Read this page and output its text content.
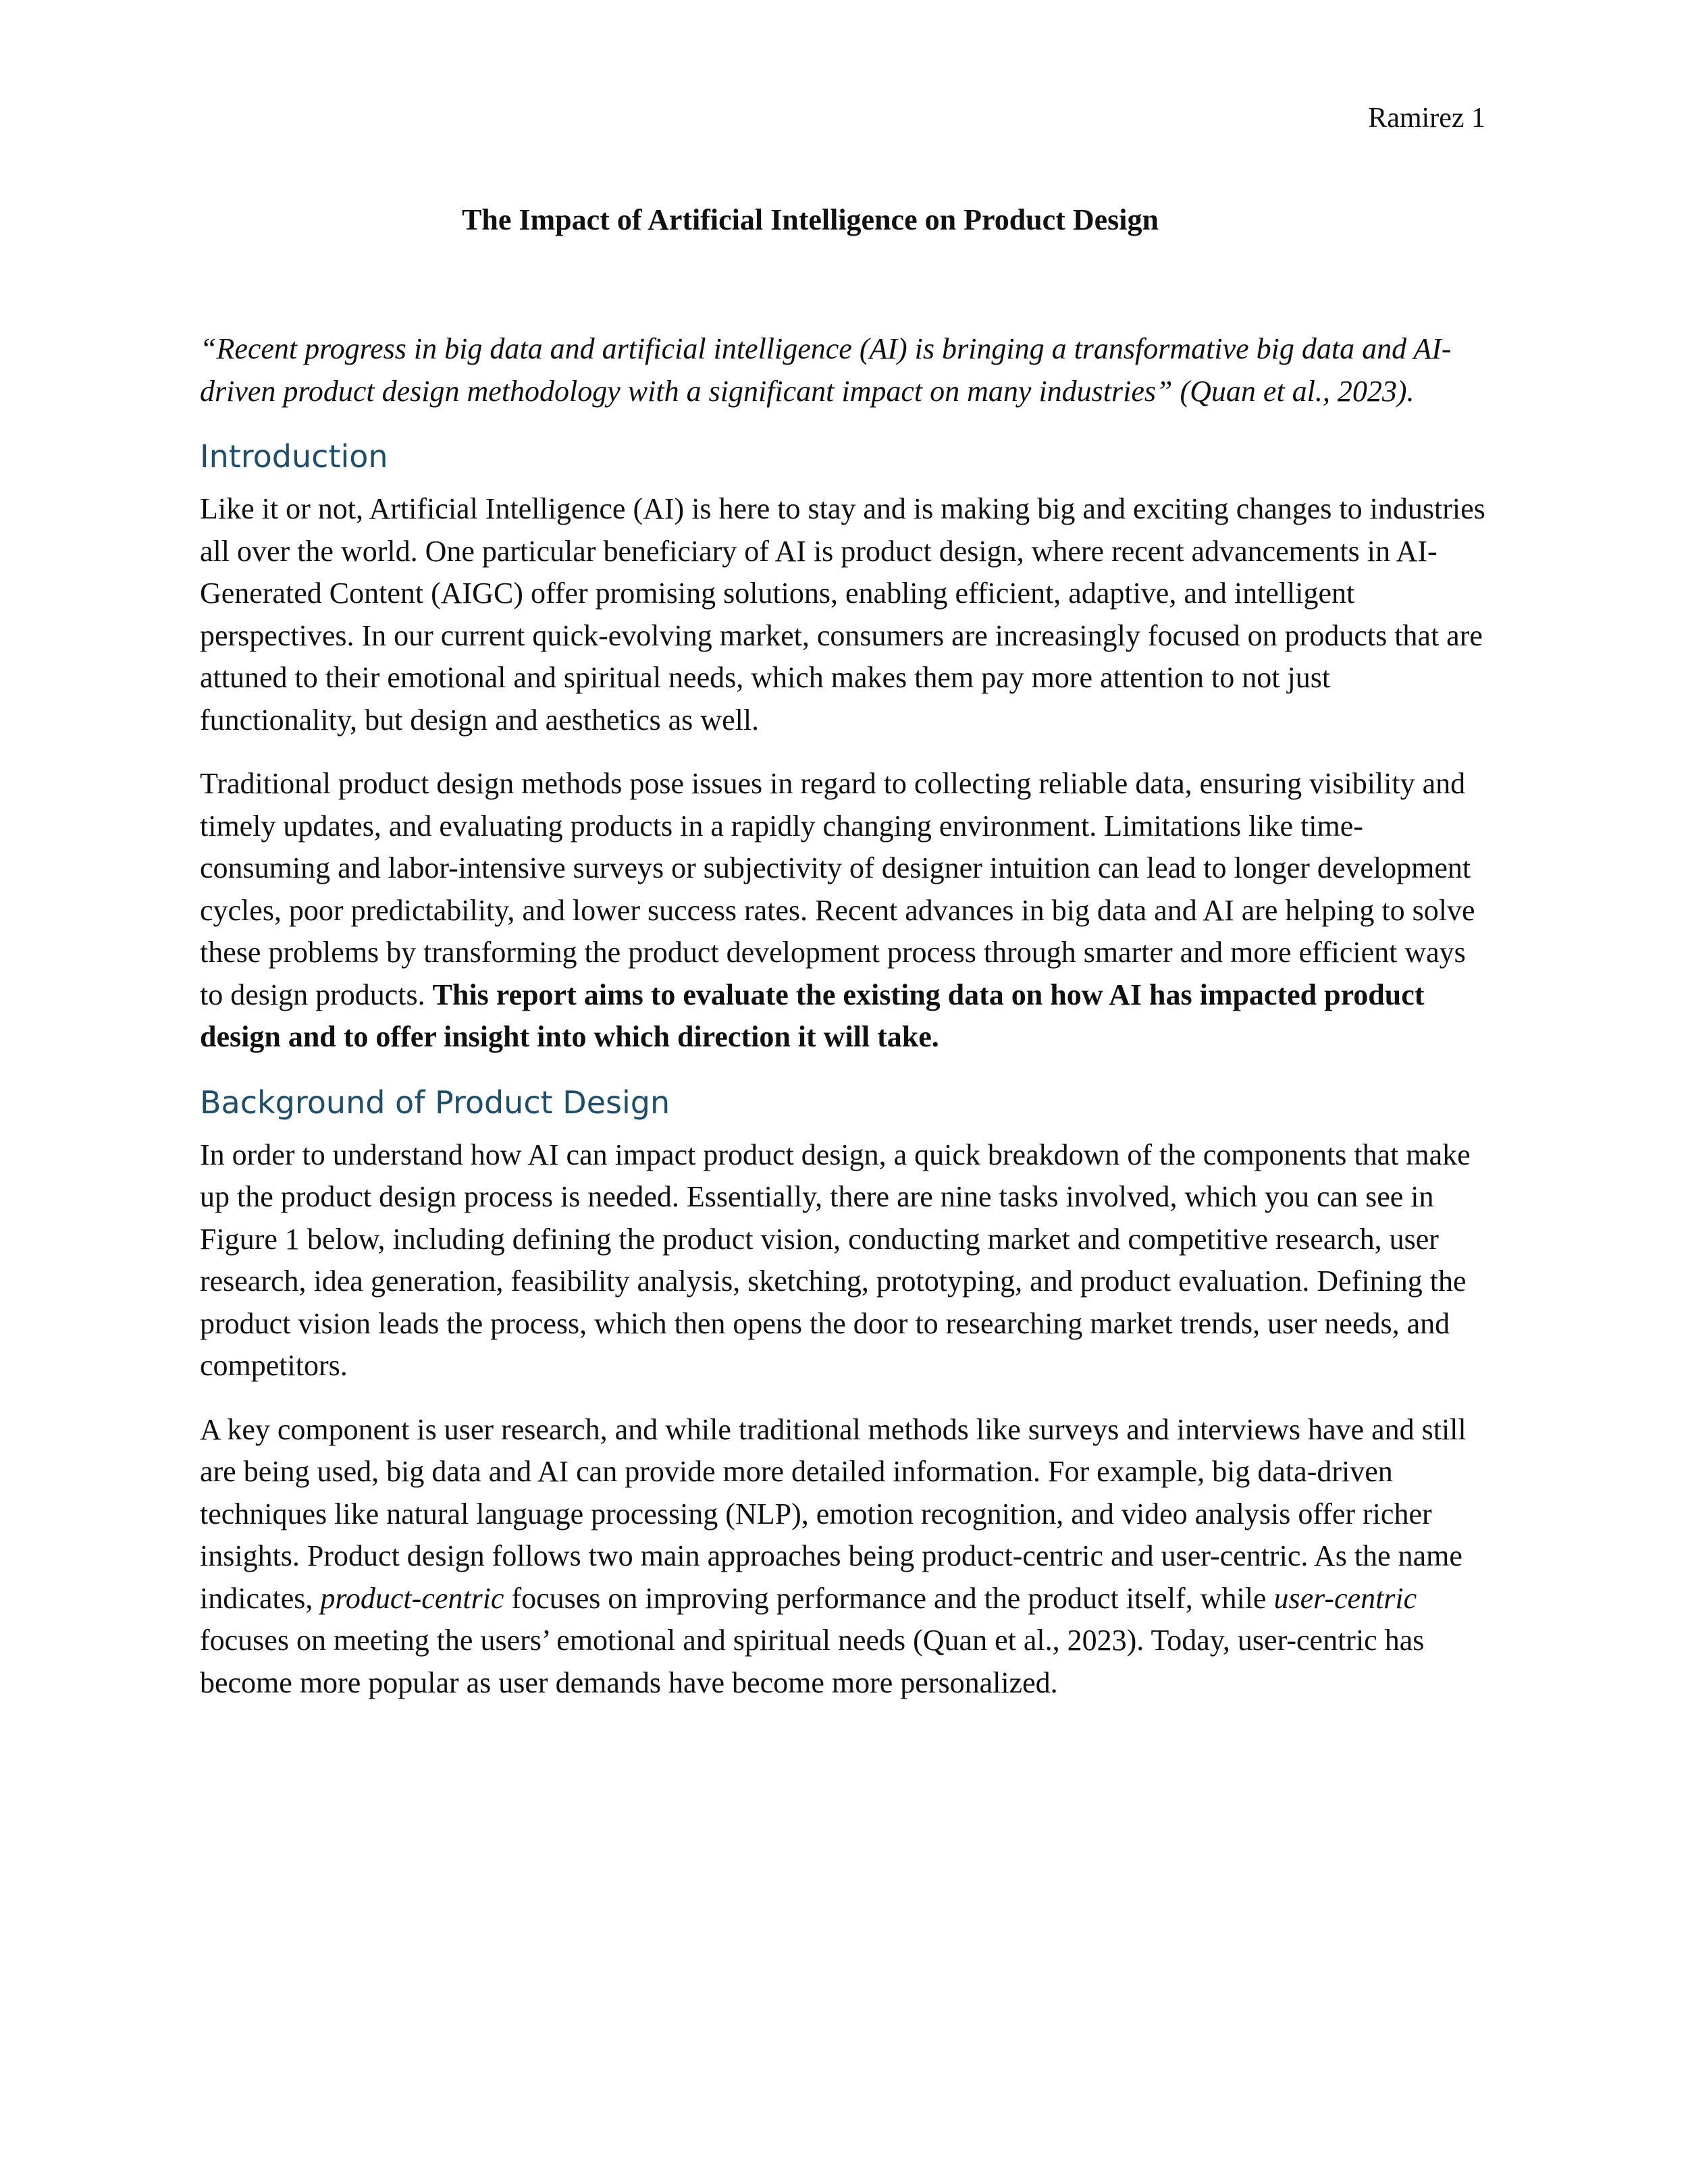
Ramirez 1
The Impact of Artificial Intelligence on Product Design

“Recent progress in big data and artificial intelligence (AI) is bringing a transformative big data and AI-driven product design methodology with a significant impact on many industries” (Quan et al., 2023).

Introduction

Like it or not, Artificial Intelligence (AI) is here to stay and is making big and exciting changes to industries all over the world. One particular beneficiary of AI is product design, where recent advancements in AI-Generated Content (AIGC) offer promising solutions, enabling efficient, adaptive, and intelligent perspectives. In our current quick-evolving market, consumers are increasingly focused on products that are attuned to their emotional and spiritual needs, which makes them pay more attention to not just functionality, but design and aesthetics as well.

Traditional product design methods pose issues in regard to collecting reliable data, ensuring visibility and timely updates, and evaluating products in a rapidly changing environment. Limitations like time-consuming and labor-intensive surveys or subjectivity of designer intuition can lead to longer development cycles, poor predictability, and lower success rates. Recent advances in big data and AI are helping to solve these problems by transforming the product development process through smarter and more efficient ways to design products. This report aims to evaluate the existing data on how AI has impacted product design and to offer insight into which direction it will take.

Background of Product Design

In order to understand how AI can impact product design, a quick breakdown of the components that make up the product design process is needed. Essentially, there are nine tasks involved, which you can see in Figure 1 below, including defining the product vision, conducting market and competitive research, user research, idea generation, feasibility analysis, sketching, prototyping, and product evaluation. Defining the product vision leads the process, which then opens the door to researching market trends, user needs, and competitors.

A key component is user research, and while traditional methods like surveys and interviews have and still are being used, big data and AI can provide more detailed information. For example, big data-driven techniques like natural language processing (NLP), emotion recognition, and video analysis offer richer insights. Product design follows two main approaches being product-centric and user-centric. As the name indicates, product-centric focuses on improving performance and the product itself, while user-centric focuses on meeting the users’ emotional and spiritual needs (Quan et al., 2023). Today, user-centric has become more popular as user demands have become more personalized.
